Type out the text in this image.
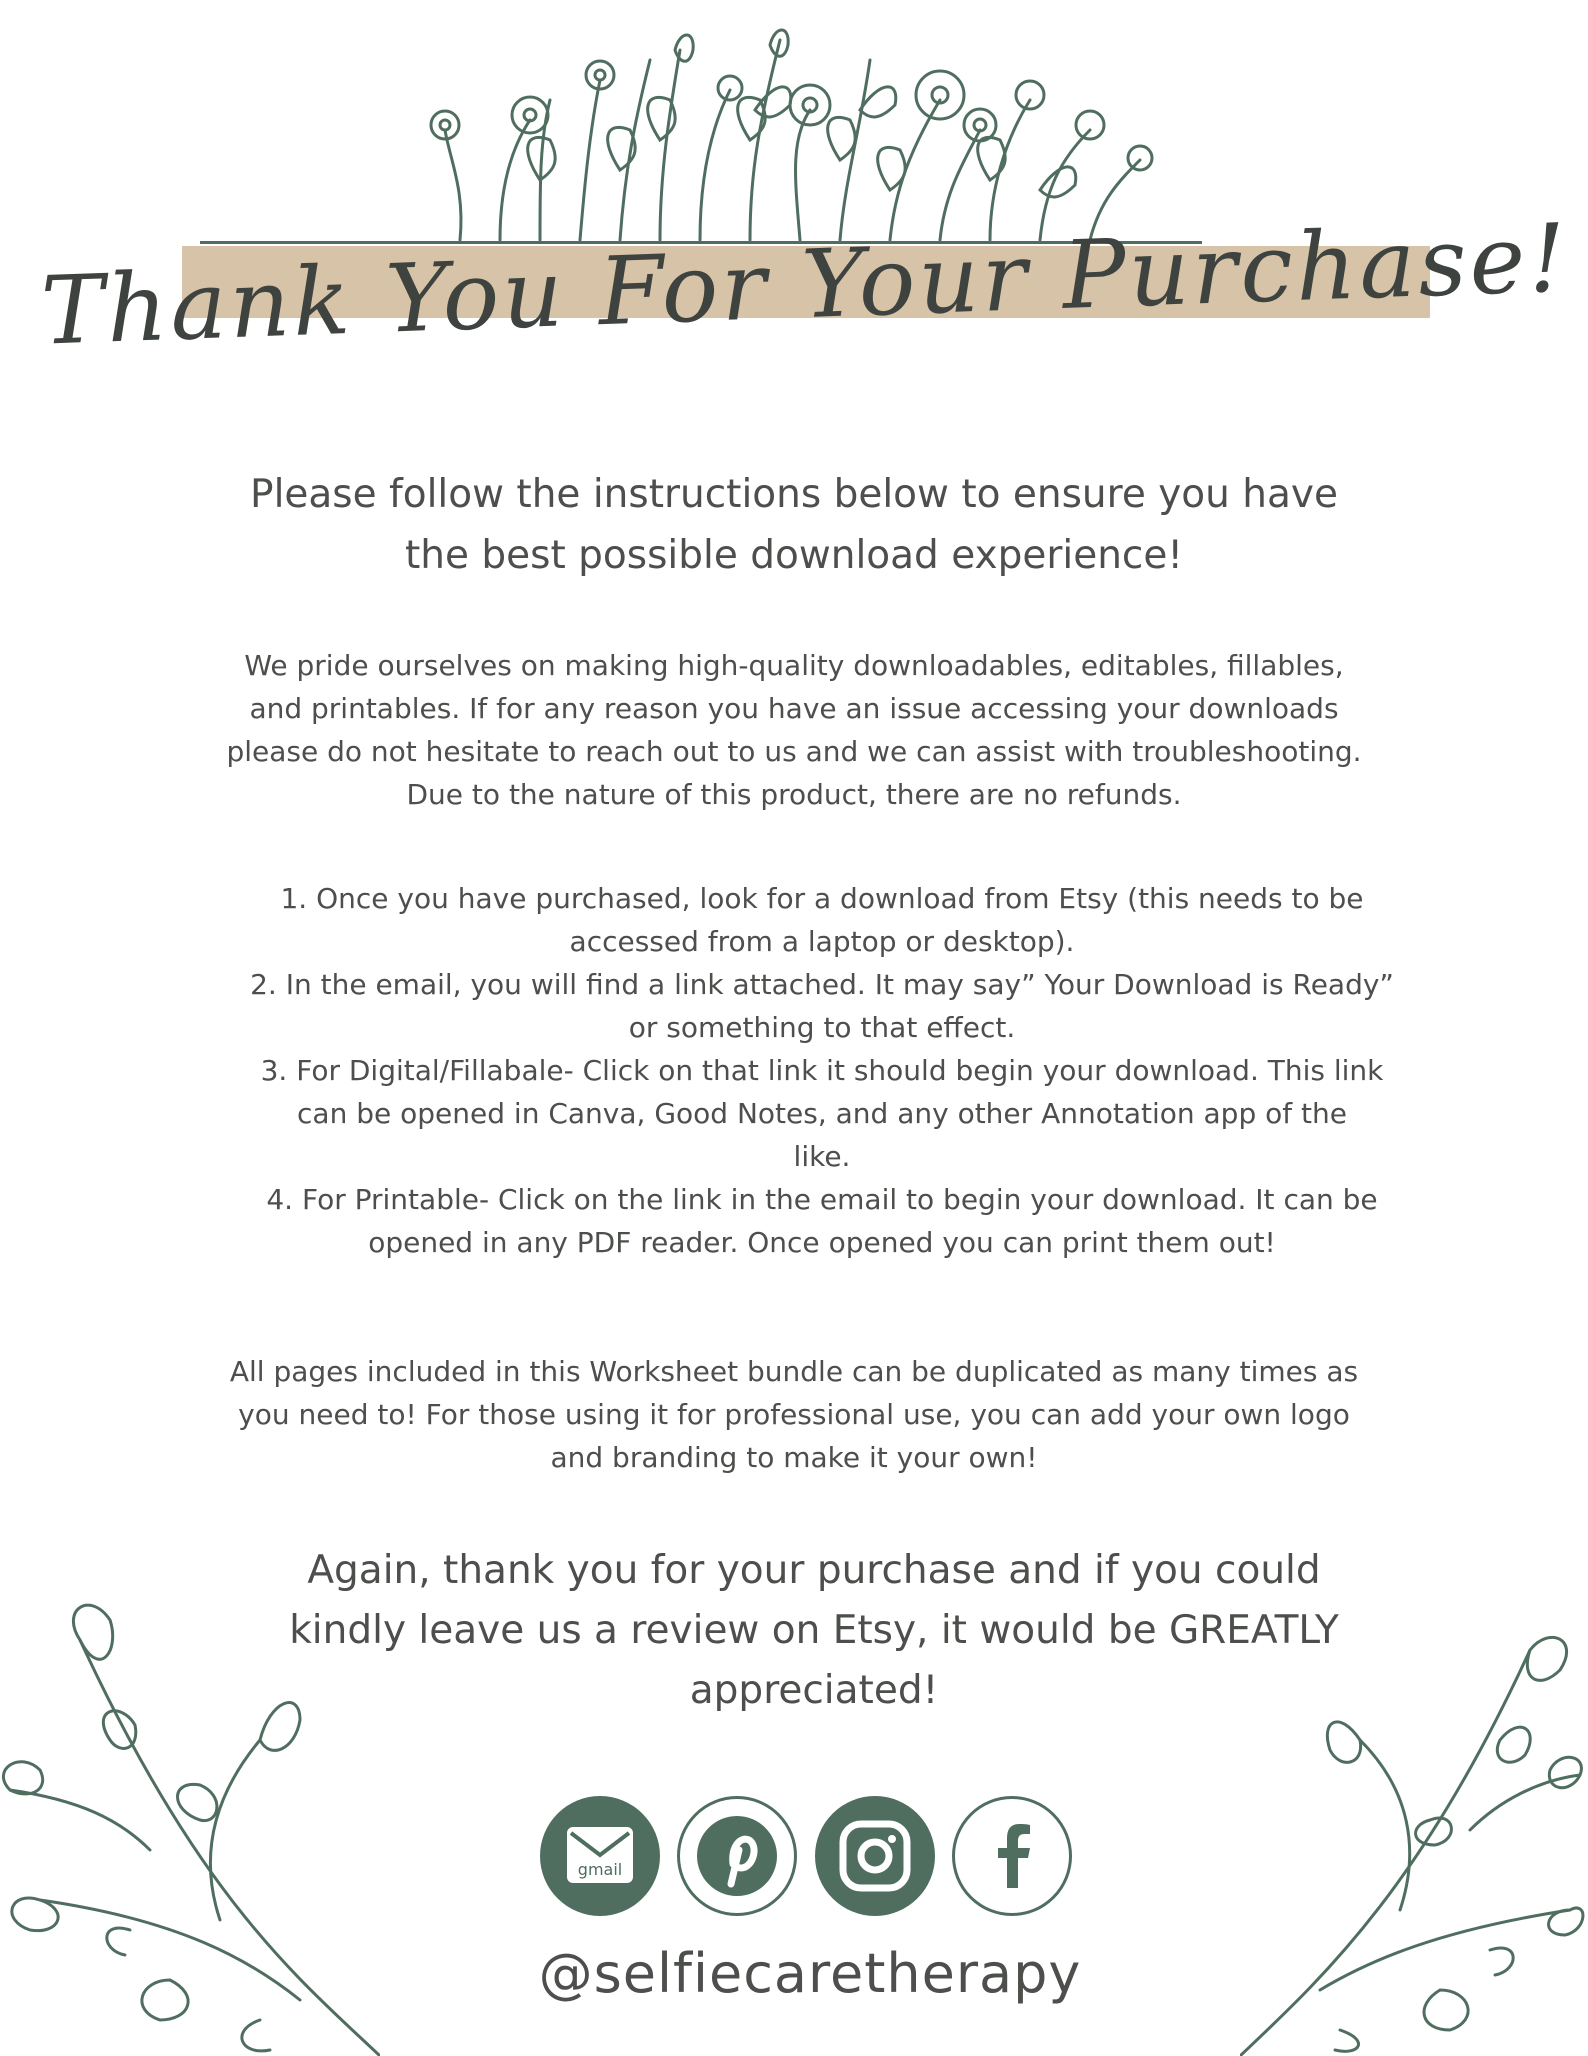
Thank You For Your Purchase!
Please follow the instructions below to ensure you have
the best possible download experience!
We pride ourselves on making high-quality downloadables, editables, fillables,
and printables. If for any reason you have an issue accessing your downloads
please do not hesitate to reach out to us and we can assist with troubleshooting.
Due to the nature of this product, there are no refunds.
1. Once you have purchased, look for a download from Etsy (this needs to be
accessed from a laptop or desktop).
2. In the email, you will find a link attached. It may say” Your Download is Ready”
or something to that effect.
3. For Digital/Fillabale- Click on that link it should begin your download. This link
can be opened in Canva, Good Notes, and any other Annotation app of the
like.
4. For Printable- Click on the link in the email to begin your download. It can be
opened in any PDF reader. Once opened you can print them out!
All pages included in this Worksheet bundle can be duplicated as many times as
you need to! For those using it for professional use, you can add your own logo
and branding to make it your own!
Again, thank you for your purchase and if you could
kindly leave us a review on Etsy, it would be GREATLY
appreciated!
gmail
@selfiecaretherapy
